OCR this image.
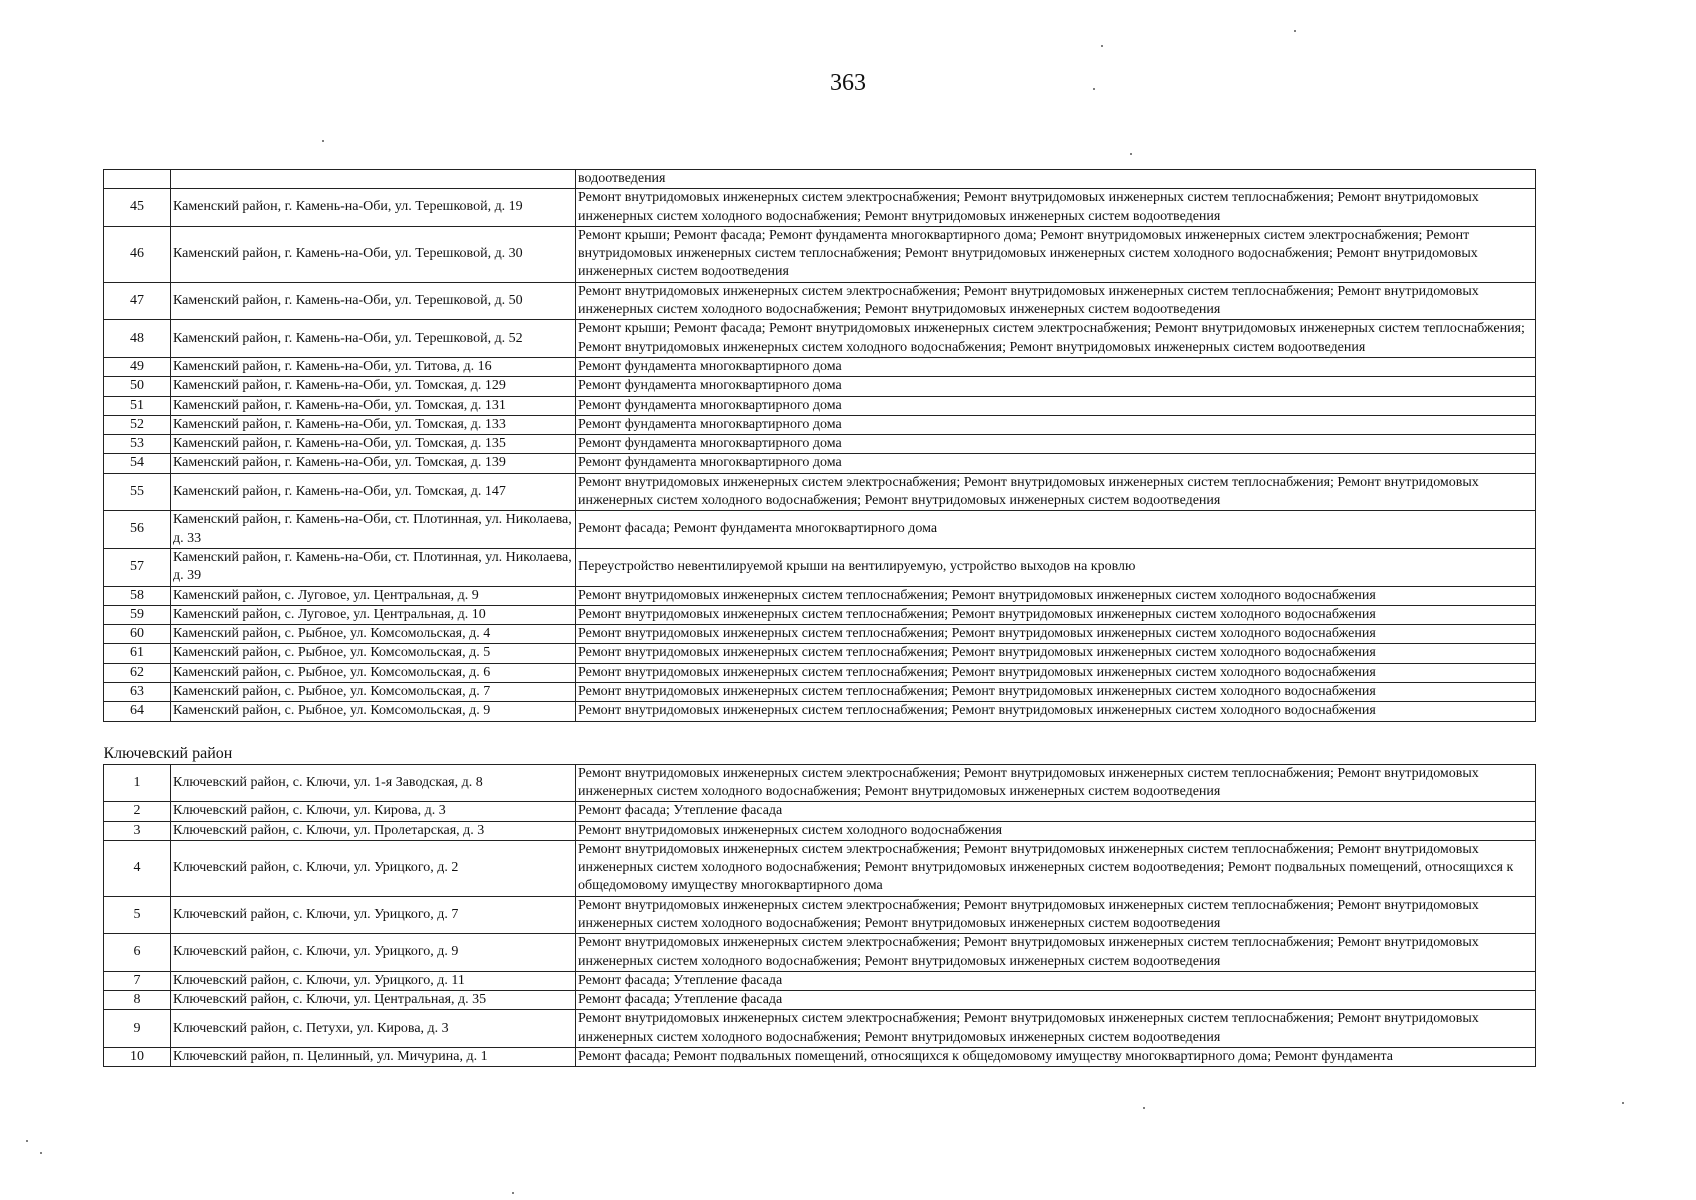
363
		водоотведения
45	Каменский район, г. Камень-на-Оби, ул. Терешковой, д. 19	Ремонт внутридомовых инженерных систем электроснабжения; Ремонт внутридомовых инженерных систем теплоснабжения; Ремонт внутридомовых инженерных систем холодного водоснабжения; Ремонт внутридомовых инженерных систем водоотведения
46	Каменский район, г. Камень-на-Оби, ул. Терешковой, д. 30	Ремонт крыши; Ремонт фасада; Ремонт фундамента многоквартирного дома; Ремонт внутридомовых инженерных систем электроснабжения; Ремонт внутридомовых инженерных систем теплоснабжения; Ремонт внутридомовых инженерных систем холодного водоснабжения; Ремонт внутридомовых инженерных систем водоотведения
47	Каменский район, г. Камень-на-Оби, ул. Терешковой, д. 50	Ремонт внутридомовых инженерных систем электроснабжения; Ремонт внутридомовых инженерных систем теплоснабжения; Ремонт внутридомовых инженерных систем холодного водоснабжения; Ремонт внутридомовых инженерных систем водоотведения
48	Каменский район, г. Камень-на-Оби, ул. Терешковой, д. 52	Ремонт крыши; Ремонт фасада; Ремонт внутридомовых инженерных систем электроснабжения; Ремонт внутридомовых инженерных систем теплоснабжения; Ремонт внутридомовых инженерных систем холодного водоснабжения; Ремонт внутридомовых инженерных систем водоотведения
49	Каменский район, г. Камень-на-Оби, ул. Титова, д. 16	Ремонт фундамента многоквартирного дома
50	Каменский район, г. Камень-на-Оби, ул. Томская, д. 129	Ремонт фундамента многоквартирного дома
51	Каменский район, г. Камень-на-Оби, ул. Томская, д. 131	Ремонт фундамента многоквартирного дома
52	Каменский район, г. Камень-на-Оби, ул. Томская, д. 133	Ремонт фундамента многоквартирного дома
53	Каменский район, г. Камень-на-Оби, ул. Томская, д. 135	Ремонт фундамента многоквартирного дома
54	Каменский район, г. Камень-на-Оби, ул. Томская, д. 139	Ремонт фундамента многоквартирного дома
55	Каменский район, г. Камень-на-Оби, ул. Томская, д. 147	Ремонт внутридомовых инженерных систем электроснабжения; Ремонт внутридомовых инженерных систем теплоснабжения; Ремонт внутридомовых инженерных систем холодного водоснабжения; Ремонт внутридомовых инженерных систем водоотведения
56	Каменский район, г. Камень-на-Оби, ст. Плотинная, ул. Николаева, д. 33	Ремонт фасада; Ремонт фундамента многоквартирного дома
57	Каменский район, г. Камень-на-Оби, ст. Плотинная, ул. Николаева, д. 39	Переустройство невентилируемой крыши на вентилируемую, устройство выходов на кровлю
58	Каменский район, с. Луговое, ул. Центральная, д. 9	Ремонт внутридомовых инженерных систем теплоснабжения; Ремонт внутридомовых инженерных систем холодного водоснабжения
59	Каменский район, с. Луговое, ул. Центральная, д. 10	Ремонт внутридомовых инженерных систем теплоснабжения; Ремонт внутридомовых инженерных систем холодного водоснабжения
60	Каменский район, с. Рыбное, ул. Комсомольская, д. 4	Ремонт внутридомовых инженерных систем теплоснабжения; Ремонт внутридомовых инженерных систем холодного водоснабжения
61	Каменский район, с. Рыбное, ул. Комсомольская, д. 5	Ремонт внутридомовых инженерных систем теплоснабжения; Ремонт внутридомовых инженерных систем холодного водоснабжения
62	Каменский район, с. Рыбное, ул. Комсомольская, д. 6	Ремонт внутридомовых инженерных систем теплоснабжения; Ремонт внутридомовых инженерных систем холодного водоснабжения
63	Каменский район, с. Рыбное, ул. Комсомольская, д. 7	Ремонт внутридомовых инженерных систем теплоснабжения; Ремонт внутридомовых инженерных систем холодного водоснабжения
64	Каменский район, с. Рыбное, ул. Комсомольская, д. 9	Ремонт внутридомовых инженерных систем теплоснабжения; Ремонт внутридомовых инженерных систем холодного водоснабжения

Ключевский район		
1	Ключевский район, с. Ключи, ул. 1-я Заводская, д. 8	Ремонт внутридомовых инженерных систем электроснабжения; Ремонт внутридомовых инженерных систем теплоснабжения; Ремонт внутридомовых инженерных систем холодного водоснабжения; Ремонт внутридомовых инженерных систем водоотведения
2	Ключевский район, с. Ключи, ул. Кирова, д. 3	Ремонт фасада; Утепление фасада
3	Ключевский район, с. Ключи, ул. Пролетарская, д. 3	Ремонт внутридомовых инженерных систем холодного водоснабжения
4	Ключевский район, с. Ключи, ул. Урицкого, д. 2	Ремонт внутридомовых инженерных систем электроснабжения; Ремонт внутридомовых инженерных систем теплоснабжения; Ремонт внутридомовых инженерных систем холодного водоснабжения; Ремонт внутридомовых инженерных систем водоотведения; Ремонт подвальных помещений, относящихся к общедомовому имуществу многоквартирного дома
5	Ключевский район, с. Ключи, ул. Урицкого, д. 7	Ремонт внутридомовых инженерных систем электроснабжения; Ремонт внутридомовых инженерных систем теплоснабжения; Ремонт внутридомовых инженерных систем холодного водоснабжения; Ремонт внутридомовых инженерных систем водоотведения
6	Ключевский район, с. Ключи, ул. Урицкого, д. 9	Ремонт внутридомовых инженерных систем электроснабжения; Ремонт внутридомовых инженерных систем теплоснабжения; Ремонт внутридомовых инженерных систем холодного водоснабжения; Ремонт внутридомовых инженерных систем водоотведения
7	Ключевский район, с. Ключи, ул. Урицкого, д. 11	Ремонт фасада; Утепление фасада
8	Ключевский район, с. Ключи, ул. Центральная, д. 35	Ремонт фасада; Утепление фасада
9	Ключевский район, с. Петухи, ул. Кирова, д. 3	Ремонт внутридомовых инженерных систем электроснабжения; Ремонт внутридомовых инженерных систем теплоснабжения; Ремонт внутридомовых инженерных систем холодного водоснабжения; Ремонт внутридомовых инженерных систем водоотведения
10	Ключевский район, п. Целинный, ул. Мичурина, д. 1	Ремонт фасада; Ремонт подвальных помещений, относящихся к общедомовому имуществу многоквартирного дома; Ремонт фундамента
